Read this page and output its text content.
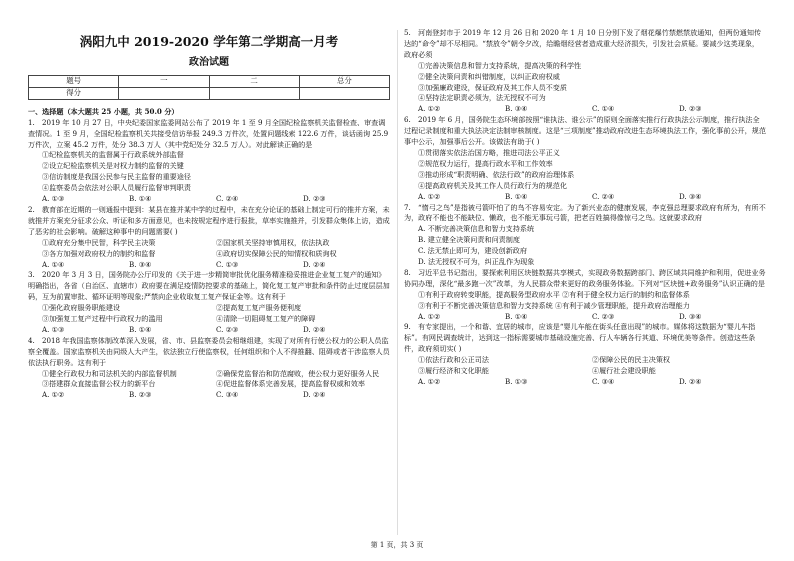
涡阳九中 2019-2020 学年第二学期高一月考
政治试题
题号	一	二	总分
得分			
一、选择题（本大题共 25 小题，共 50.0 分）
1. 2019 年 10 月 27 日，中央纪委国家监委网站公布了 2019 年 1 至 9 月全国纪检监察机关监督检查、审查调查情况。1 至 9 月，全国纪检监察机关共接受信访举报 249.3 万件次，处置问题线索 122.6 万件，谈话函询 25.9 万件次，立案 45.2 万件，处分 38.3 万人（其中党纪处分 32.5 万人）。对此解读正确的是
①纪检监察机关的监督属于行政系统外部监督
②设立纪检监察机关是对权力制约监督的关键
③信访制度是我国公民参与民主监督的重要途径
④监察委员会依法对公职人员履行监督审判职责
A. ①③	B. ①④	C. ②④	D. ②③
2. 教育部在近期的一则通报中提到：某县在推并某中学的过程中，未在充分论证的基础上制定可行的推并方案，未就推并方案充分征求公众、听证和多方面意见，也未按规定程序进行报批，草率实施推并，引发群众集体上访，造成了恶劣的社会影响。破解这种事中的问题需要( )
①政府充分集中民智，科学民主决策	②国家机关坚持审慎用权，依法执政
③各方加强对政府权力的制约和监督	④政府切实保障公民的知情权和质询权
A. ①④	B. ③④	C. ①③	D. ②④
3. 2020 年 3 月 3 日，国务院办公厅印发的《关于进一步精简审批优化服务精准稳妥推进企业复工复产的通知》明确指出，各省（自治区、直辖市）政府要在满足疫情防控要求的基础上，简化复工复产审批和条件防止过度层层加码，互为前置审批、循环证明等现象;严禁向企业收取复工复产保证金等。这有利于
①强化政府服务职能建设	②提高复工复产服务便利度
③加强复工复产过程中行政权力的滥用	④清除一切阻碍复工复产的障碍
A. ①③	B. ①④	C. ②③	D. ②④
4. 2018 年我国监察体制改革深入发展，省、市、县监察委员会相继组建，实现了对所有行使公权力的公职人员监察全覆盖。国家监察机关由同级人大产生，依法独立行使监察权，任何组织和个人不得推翻、阻碍或者干涉监察人员依法执行职务。这有利于
①健全行政权力和司法机关的内部监督机制	②确保党监督治和防范腐败，使公权力更好服务人民
③搭建群众直接监督公权力的新平台	④促进监督体系完善发展，提高监督权威和效率
A. ①②	B. ②③	C. ③④	D. ②④
5. 河南登封市于 2019 年 12 月 26 日和 2020 年 1 月 10 日分别下发了烟花爆竹禁燃禁放通知，但两份通知传达的“命令”却不尽相同。“禁放令”朝令夕改，给瞻烟经营者造成重大经济损失，引发社会质疑。要减少这类现象，政府必须
①完善决策信息和智力支持系统，提高决策的科学性
②健全决策问责和纠错制度，以纠正政府权威
③加强廉政建设，保证政府及其工作人员不变质
④坚持法定职责必须为，法无授权不可为
A. ①②	B. ③④	C. ①④	D. ②③
6. 2019 年 6 月，国务院生态环境部按照“谁执法、谁公示”的原则全面落实推行行政执法公示制度，推行执法全过程记录制度和重大执法决定法制审核制度。这是“三项制度”推动政府改进生态环境执法工作，强化事前公开，规范事中公示，加强事后公开。该做法有助于( )
①贯彻落实依法治国方略，推进司法公平正义
②规范权力运行，提高行政水平和工作效率
③推动形成“职责明确、依法行政”的政府治理体系
④提高政府机关及其工作人员行政行为的规范化
A. ①②	B. ①④	C. ②④	D. ③④
7. “惰弓之鸟”是指被弓箭吓怕了的鸟不容易安定。为了新兴业态的健康发展，李克强总理要求政府有所为，有所不为，政府不能也不能缺位、懒政，也不能无事玩弓箭，把老百姓搞得像惊弓之鸟。这就要求政府
A. 不断完善决策信息和智力支持系统
B. 建立健全决策问责和问责制度
C. 法无禁止即可为，建设创新政府
D. 法无授权不可为，纠正乱作为现象
8. 习近平总书记指出，要探索利用区块链数据共享模式，实现政务数据跨部门、跨区域共同维护和利用，促进业务协同办理，深化“最多跑一次”改革，为人民群众带来更好的政务服务体验。下列对“区块链+政务服务”认识正确的是
①有利于政府转变职能，提高服务型政府水平 ②有利于健全权力运行的制约和监督体系
③有利于不断完善决策信息和智力支持系统 ④有利于减少管理职能，提升政府治理能力
A. ①②	B. ①④	C. ②③	D. ③④
9. 有专家提出，一个和谐、宜居的城市，应该是“婴儿车能在街头任意出现”的城市。媒体将这数据为“婴儿车指标”。有网民调查统计，达到这一指标需要城市基础设施完善、行人车辆各行其道、环境优美等条件。创造这些条件，政府须切实( )
①依法行政和公正司法	②保障公民的民主决策权
③履行经济和文化职能	④履行社会建设职能
A. ①②	B. ①③	C. ③④	D. ②④
第 1 页，共 3 页
